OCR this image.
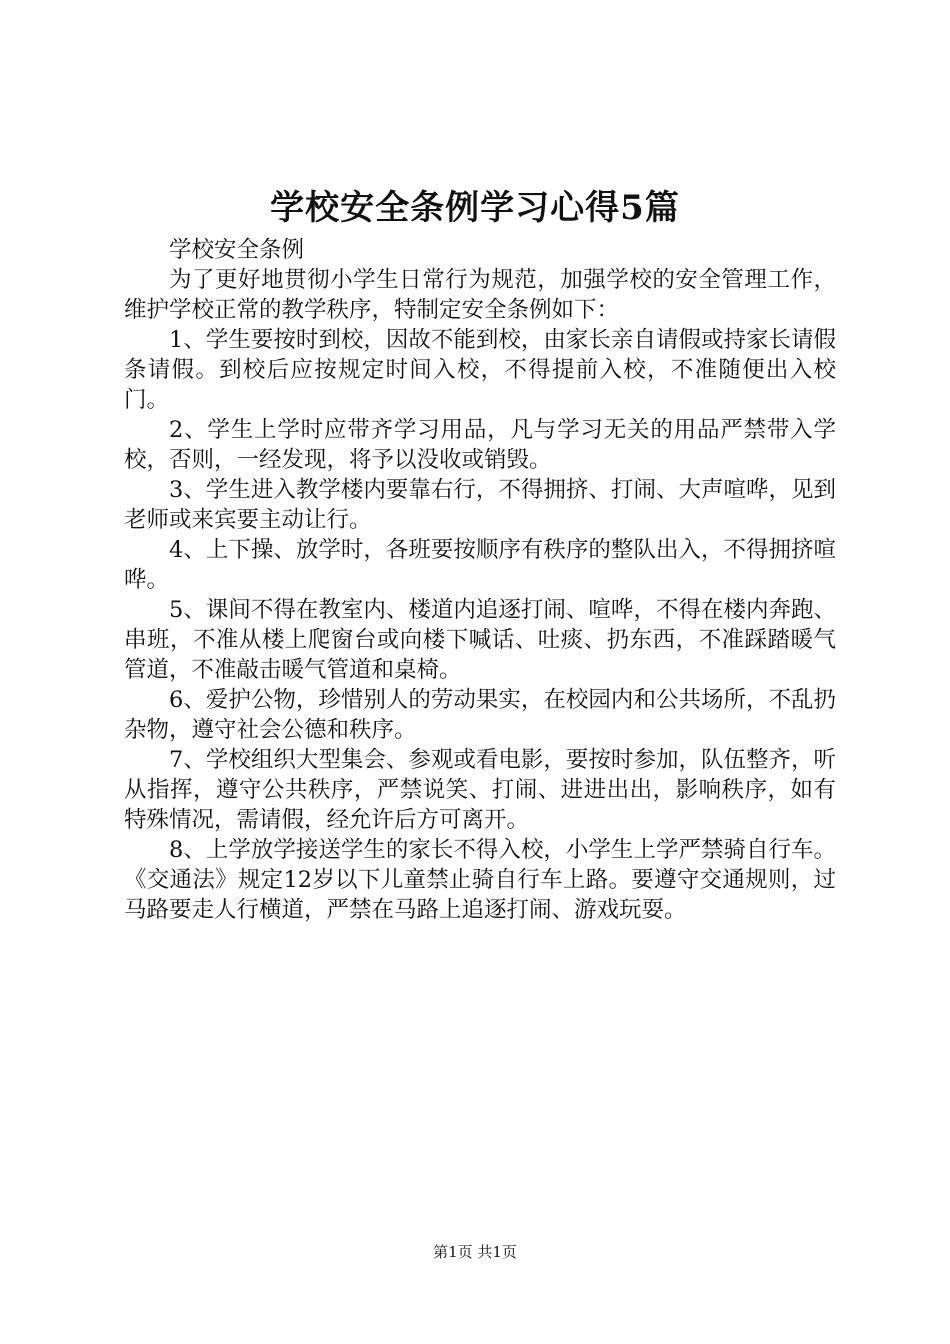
学校安全条例学习心得5篇

学校安全条例

为了更好地贯彻小学生日常行为规范，加强学校的安全管理工作，维护学校正常的教学秩序，特制定安全条例如下：

1、学生要按时到校，因故不能到校，由家长亲自请假或持家长请假条请假。到校后应按规定时间入校，不得提前入校，不准随便出入校门。

2、学生上学时应带齐学习用品，凡与学习无关的用品严禁带入学校，否则，一经发现，将予以没收或销毁。

3、学生进入教学楼内要靠右行，不得拥挤、打闹、大声喧哗，见到老师或来宾要主动让行。

4、上下操、放学时，各班要按顺序有秩序的整队出入，不得拥挤喧哗。

5、课间不得在教室内、楼道内追逐打闹、喧哗，不得在楼内奔跑、串班，不准从楼上爬窗台或向楼下喊话、吐痰、扔东西，不准踩踏暖气管道，不准敲击暖气管道和桌椅。

6、爱护公物，珍惜别人的劳动果实，在校园内和公共场所，不乱扔杂物，遵守社会公德和秩序。

7、学校组织大型集会、参观或看电影，要按时参加，队伍整齐，听从指挥，遵守公共秩序，严禁说笑、打闹、进进出出，影响秩序，如有特殊情况，需请假，经允许后方可离开。

8、上学放学接送学生的家长不得入校，小学生上学严禁骑自行车。《交通法》规定12岁以下儿童禁止骑自行车上路。要遵守交通规则，过马路要走人行横道，严禁在马路上追逐打闹、游戏玩耍。

第1页 共1页
